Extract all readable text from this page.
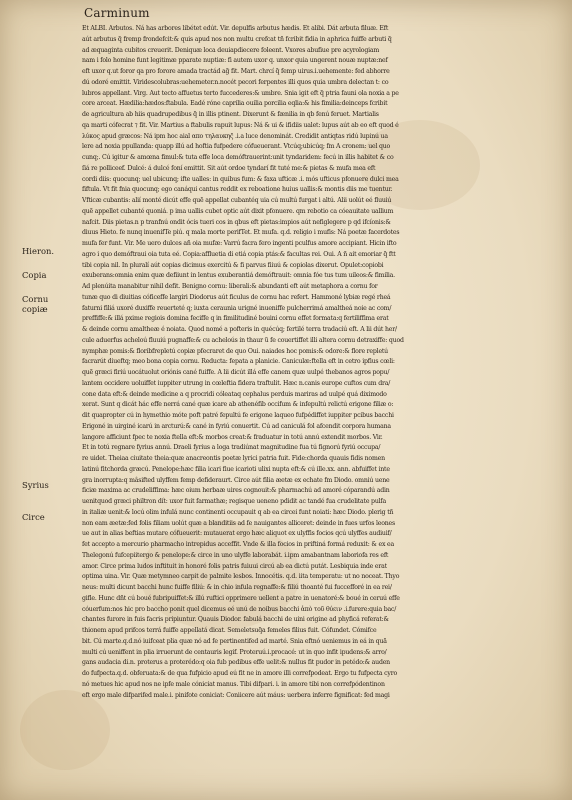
Carminum
Copia
Cornu copiæ
Hieron.
Syrius
Circe
Et ALBI. Arbutos. Ná has arbores libétet edút. Vir. depulfis arbutus hædis. Et alibi. Dát arbuta filuæ. Eft
aút arbutus q̃ fremp frondefcit:& quis apud nos non multu crefcat tñ fcribit fidia in aphrica fuiffe arbuti q̃
ad æquaginta cubitos creuerit. Deniquæ loca deuiapdiecere foleent. Vxores abufiue pre acyrologiam
nam i folo homine funt legitimæ pparate nuptiæ: fi autem uxor q. unxor quia ungerent nouæ nuptæ:nef
eft uxor q.ut foror qa pro fororе amada tractád ag̃ fit. Mart. chrcí q̃ femp uirus.i.uehemente: fed abhorre
dú odoré emittit. Viridescolubras:uehemeter.n.nocét pecori ferpentes illi quos quia umbra delectan t: co
lubros appellant. Virg. Aut tecto affuetus terto fuccederes:& umbre. Snia igit eft q̃ ptria fauni ola noxia a pe
core arceat. Hædilia:hædos:ftabula. Eadé róne caprilia ouilia porcilia eqlia:& his fimilia:deinceps fcribit
de agricultura ab hiis quadrupedibus q̃ in illis ptinent. Dixerunt & fænilia in qb fenú feruet. Martialis
qa marti cófecrat ⁊ fit. Vir. Martius a ftabulis rapuit lupus: Ná & ui & ifidiis ualet: lupus aút ab eo eft quod é
λύκος apud græcos: Ná ipm hoc aial απο τηλαυκης̃ .i.a luce denominát. Credidit antiqtas ridú lupinú ua
lere ad noxia ppullanda: quapp illú ad hoftia fufpedere cófueuerant. Vtcúq;ubicúq; fm A cronem: uel quo
cunq;. Cú igitur & amœna fimul:& tuta effe loca demóftrauerint:unit tyndaridem: fecú in illis habitet & co
ſiá re polliceef. Dulcé: á dulcé foní emittit. Sit aút ordoe tyndarí fit tuté me:& pietas & mufa mea eft
cordi diis: quocunq; uel ubicunq; ifte ualles: in quibus fum: & faxa ufticæ .i. mós ufticus pfonuere dulci mea
fiftula. Vt fit fnia quocunq; ego canáqui cantus reddit ex reboatione huius uallis:& montis diis me tuentur.
Vfticæ cubantis: alií monté dicút effe quẽ appellat cubantéq uia cú multú furgat i altú. Alii uolút eé fluuiú
quẽ appellet cubanté quoniá. p ima uallis cubet optic aút dixit pfonuere. qm rebotio ca cóeauitate uallium
nafcit. Diis pietas.n p tranfnú ondit ócis tueri cos in qbus eft pietas:impios aút nefiglegere p qd ifcíonis:&
diuus Hieto. fe nunq inuenifTe piú. q mala morte perifTet. Et mufa. q.d. religio i mufis: Ná poetæ facerdotes
mufa fer funt. Vir. Me uero dulces añ oia mufæ: Varrú facra fero ingenti pculfus amore accipiant. Hicin ifto
agro i quo demóftraui oia tuta eé. Copia:affluetia di etiá copia ptás:& facultas rei. Oui. A ñ ait emoriar q̃ ftt
tibi copia nil. In pluralí aút copias dicimus exercitú & fi parvus fiiuú & copiolas dixerut. Opulet:copiobi
exuberans:omnia enim quæ defiiunt in lentus exuberantiá demóftrauit: omnia fóe tus tum uileos:& fimilia.
Ad plenúita manabitur nihil defit. Benigno cornu: liberali:& abundanti eft aút metaphora a cornu for
tunæ quo di diuitias cóficeffe largiri Diodorus aút ficulus de cornu hac refert. Hammoné lybiæ regé rheá
faturni filiá uxoré duxiffe reuerteté q; iuxta ceraunia urigné inueniffe pulcherrimá amaltheá noie ac com/
preffiffe:& illá pxime regiois domina feciffe q in fimilitudiné bouini cornu effet formata:q fertiliffima erat
& deinde cornu amaltheæ é noiata. Quod nomé a pofteris in quécúq; fertilé terra tradaciú eft. A lii dút her/
cule aduerfus acheloú fluuiú pugnaffe:& cu acheloús in thaur ũ fe couertiffet illi altera cornu detraxiffe: quod
nymphæ pomis:& floribfrepletú copiæ pfecraret de quo Oui. naiades hoc pomis:& odore:& flore repletú
facrarút diueftq; meo bona copia cornu. Reducta: fepata a planicie. Caniculæ:ftella eft in cetro ipfius cœli:
quẽ græci firiú uocátuolut oriónis cané fuiffe. A lii dicút illá effe canem quæ uulpé thebanos agros popu/
lantem occidere uoluiffet iuppiter utrung in cœleftia fidera traftulit. Hæc n.canis europe cuftos cum dra/
cone data eft:& deinde medicine a q procridi cóleataq cephalus perduis mariras ad uulpé quá diximodo
xerat. Sunt q dicát hác effe nerrá cané quæ icare ab athenéfib occifum & infepultú relictú erigone filiæ o:
dit quapropter cú in hymethio móte poft patré fepultú fe erigone laqueo fufpédiffet iuppiter pcibus bacchi
Erigoné in uirginé icarú in arcturú:& cané in fyriú conuertit. Cú ad caniculá fol afcendit corpora humana
langore afficiunt fpec te noxia ftella eft:& morbos creat:& fraduatur in totú annú extendit morbos. Vir.
Et in totú regnare fyrius annú. Draeli fyrius a loga tradiúnat magnitudine fua tú fignorú fyriú occupa/
re uidet. Theiaa ciuitate theia:quæ anacreontis poetæ lyrici patria fuit. Fide:chorda quauis fidis nomen
latinú fitchorda græcú. Penelope:hæc filia icari fiue icarioti ulixi nupta eft:& cú ille.xx. ann. abfuiffet inte
gra inorrupta:q mâsifted ulyffem femp defideraurt. Circe aút filia æetæ ex echate fm Diodo. omniú uene
ficiæ maxima ac crudeliffima: hæc oium herbaæ uires cognouit:& pharmachú ad amoré cóparandú adin
uenitquod græci philtron dít: uxor fuit farmathæ; regisque ueneno pdidit ac tandé fua crudelitate pulfa
in italiæ uenit:& locú olim infulá nunc continenti occupauit q ab ea circei funt noiati: hæc Diodo. plerig tñ
non eam æetæ:fed folis filiam uolút quæ a blanditiis ad fe nauigantes alliceret: deinde in fues urfos leones
ue aut in alias beftias mutare cófueuerit: mutauerat ergo hæc aliquot ex ulyffis focios qcú ulyffes audiuif/
fet accepto a mercurio pharmacho intrepidus acceffit. Vnde & illa focios in priftiná formá reduxit: & ex ea
Thelegonú fufcepiitergo & penelope:& circe in uno ulyffe laborabát. i.ipm amabantnam laboriofa res eft
amor. Circe prima ludos inftituit in honoré folis patris fuiuui circú ab ea dictú putát. Lesbiquia inde erat
optima uina. Vir. Quæ metymneo carpit de palmite lesbos. Innocétis. q.d. iita temperatu: ut no noceat. Thyo
neus: multi dicunt bacchi hunc fuiffe filiú: & in chio infula regnaffe:& filiú thoanté fui fuccefforé in ea rei/
gifle. Hunc dñt cú boué fubripuiffet:& illú ruftici opprimere uellent a patre in uenatoré:& boué in ceruú effe
cóuerfum:nos hic pro baccho ponit quel dicemus eé unú de noibus bacchi ἀπὸ τοῦ θύειν .i.furere:quia bac/
chantes furore in fuis facris pripiuntur. Quauis Diodor. fabulá bacchi de uini origine ad phyficá referat:&
thionem apud prifcos terrá fuiffe appellatá dicat. Semeletsuq̃a femeles filius fuit. Cófundet. Cómifce
bit. Cú marte.q.d.nó iuifceat plia quæ nó ad fe pertinentifed ad marté. Snia eftnó ueniemus in eá in quã
multi cú ueniffent in plia irruerunt de centauris legif. Proteruú.i.procacé: ut in quo infit ipudens:& arro/
gans audacia di.n. proterus a proterédo:q oia fub pedibus effe uelit:& nullus fit pudor in petédo:& auden
do fufpecta.q.d. obferuata:& de qua fufpicio apud eú fit ne in amore illi correfpodeat. Ergo tu fufpecta cyro
nó metues hic apud nos ne ipfe male cóniciat manus. Tibi difpari. i. in amore tibi non correfpódentinon
eft ergo male difparifed male.i. pinifote coniciat: Coniicere aút máus: uerbera inferre fignificat: fed magi
